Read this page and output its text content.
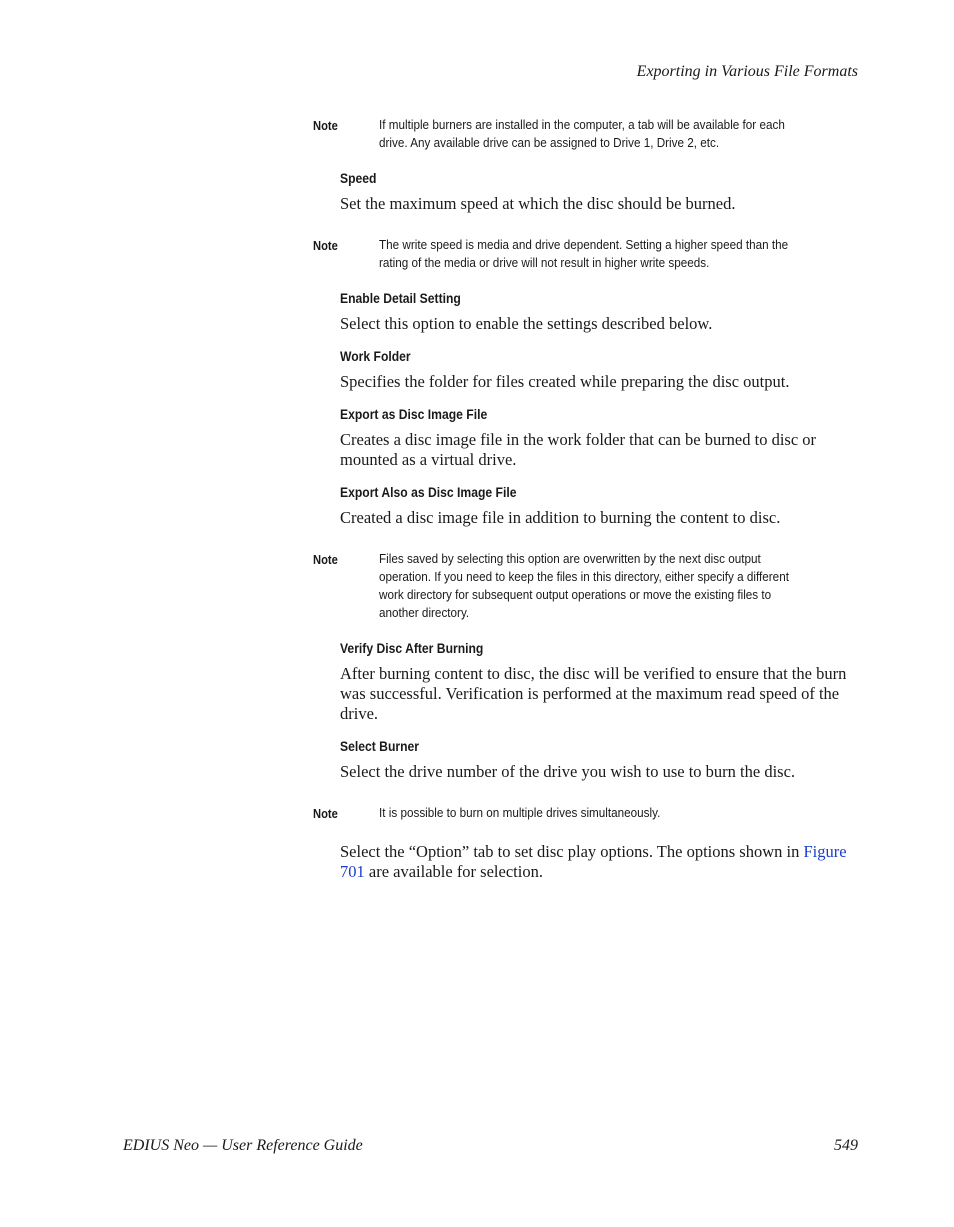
Exporting in Various File Formats
Note	If multiple burners are installed in the computer, a tab will be available for each drive. Any available drive can be assigned to Drive 1, Drive 2, etc.
Speed
Set the maximum speed at which the disc should be burned.
Note	The write speed is media and drive dependent. Setting a higher speed than the rating of the media or drive will not result in higher write speeds.
Enable Detail Setting
Select this option to enable the settings described below.
Work Folder
Specifies the folder for files created while preparing the disc output.
Export as Disc Image File
Creates a disc image file in the work folder that can be burned to disc or mounted as a virtual drive.
Export Also as Disc Image File
Created a disc image file in addition to burning the content to disc.
Note	Files saved by selecting this option are overwritten by the next disc output operation. If you need to keep the files in this directory, either specify a different work directory for subsequent output operations or move the existing files to another directory.
Verify Disc After Burning
After burning content to disc, the disc will be verified to ensure that the burn was successful. Verification is performed at the maximum read speed of the drive.
Select Burner
Select the drive number of the drive you wish to use to burn the disc.
Note	It is possible to burn on multiple drives simultaneously.
Select the “Option” tab to set disc play options. The options shown in Figure 701 are available for selection.
EDIUS Neo — User Reference Guide	549
